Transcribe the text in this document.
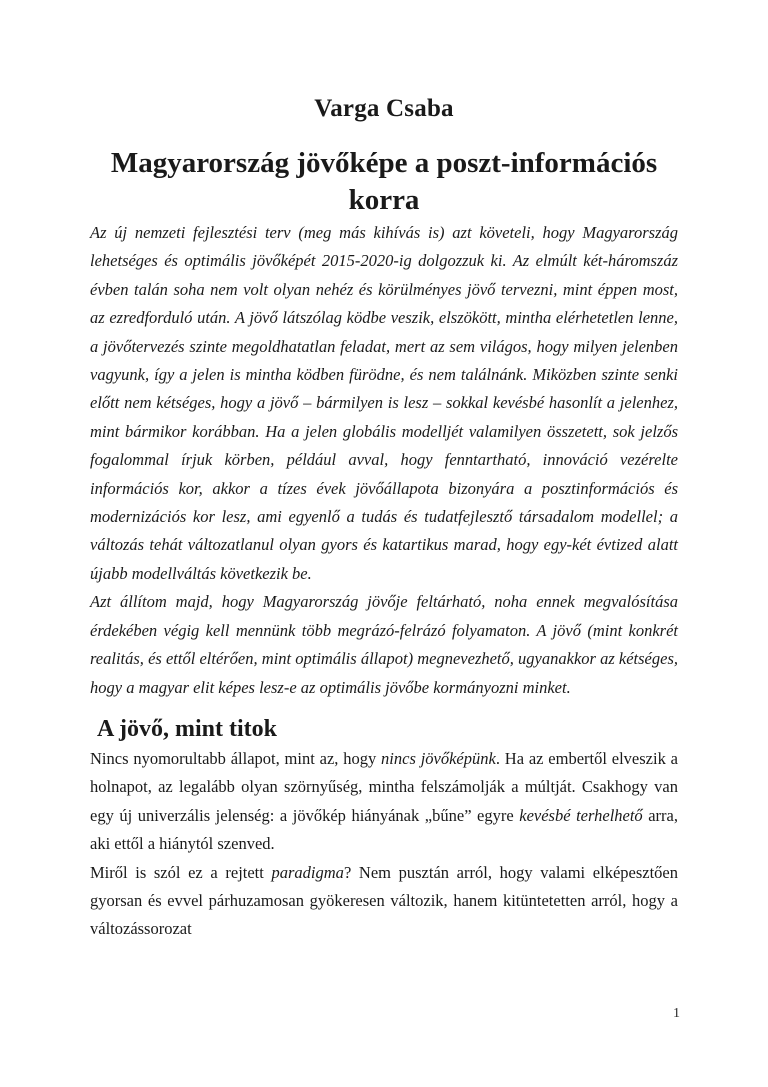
Varga Csaba
Magyarország jövőképe a poszt-információs korra

Az új nemzeti fejlesztési terv (meg más kihívás is) azt követeli, hogy Magyarország lehetséges és optimális jövőképét 2015-2020-ig dolgozzuk ki. Az elmúlt két-háromszáz évben talán soha nem volt olyan nehéz és körülményes jövő tervezni, mint éppen most, az ezredforduló után. A jövő látszólag ködbe veszik, elszökött, mintha elérhetetlen lenne, a jövőtervezés szinte megoldhatatlan feladat, mert az sem világos, hogy milyen jelenben vagyunk, így a jelen is mintha ködben fürödne, és nem találnánk. Miközben szinte senki előtt nem kétséges, hogy a jövő – bármilyen is lesz – sokkal kevésbé hasonlít a jelenhez, mint bármikor korábban. Ha a jelen globális modelljét valamilyen összetett, sok jelzős fogalommal írjuk körben, például avval, hogy fenntartható, innováció vezérelte információs kor, akkor a tízes évek jövőállapota bizonyára a posztinformációs és modernizációs kor lesz, ami egyenlő a tudás és tudatfejlesztő társadalom modellel; a változás tehát változatlanul olyan gyors és katartikus marad, hogy egy-két évtized alatt újabb modellváltás következik be.

Azt állítom majd, hogy Magyarország jövője feltárható, noha ennek megvalósítása érdekében végig kell mennünk több megrázó-felrázó folyamaton. A jövő (mint konkrét realitás, és ettől eltérően, mint optimális állapot) megnevezhető, ugyanakkor az kétséges, hogy a magyar elit képes lesz-e az optimális jövőbe kormányozni minket.

A jövő, mint titok

Nincs nyomorultabb állapot, mint az, hogy nincs jövőképünk. Ha az embertől elveszik a holnapot, az legalább olyan szörnyűség, mintha felszámolják a múltját. Csakhogy van egy új univerzális jelenség: a jövőkép hiányának „bűne” egyre kevésbé terhelhető arra, aki ettől a hiánytól szenved.

Miről is szól ez a rejtett paradigma? Nem pusztán arról, hogy valami elképesztően gyorsan és evvel párhuzamosan gyökeresen változik, hanem kitüntetetten arról, hogy a változássorozat

1
